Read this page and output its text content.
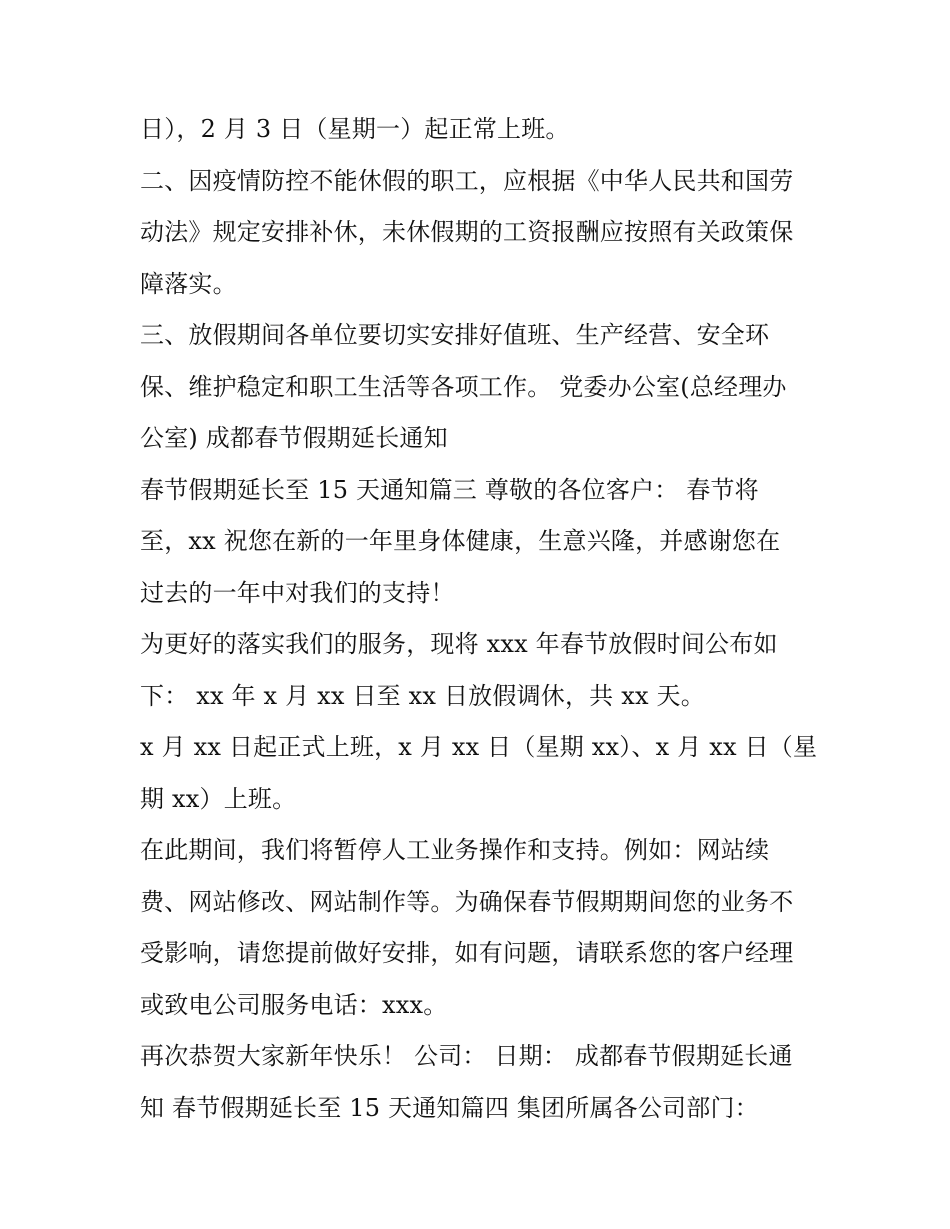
日），2 月 3 日（星期一）起正常上班。
二、因疫情防控不能休假的职工，应根据《中华人民共和国劳
动法》规定安排补休，未休假期的工资报酬应按照有关政策保
障落实。
三、放假期间各单位要切实安排好值班、生产经营、安全环
保、维护稳定和职工生活等各项工作。 党委办公室(总经理办
公室) 成都春节假期延长通知
春节假期延长至 15 天通知篇三 尊敬的各位客户： 春节将
至，xx 祝您在新的一年里身体健康，生意兴隆，并感谢您在
过去的一年中对我们的支持！
为更好的落实我们的服务，现将 xxx 年春节放假时间公布如
下： xx 年 x 月 xx 日至 xx 日放假调休，共 xx 天。
x 月 xx 日起正式上班，x 月 xx 日（星期 xx）、x 月 xx 日（星
期 xx）上班。
在此期间，我们将暂停人工业务操作和支持。例如：网站续
费、网站修改、网站制作等。为确保春节假期期间您的业务不
受影响，请您提前做好安排，如有问题，请联系您的客户经理
或致电公司服务电话：xxx。
再次恭贺大家新年快乐！ 公司： 日期： 成都春节假期延长通
知 春节假期延长至 15 天通知篇四 集团所属各公司部门：
